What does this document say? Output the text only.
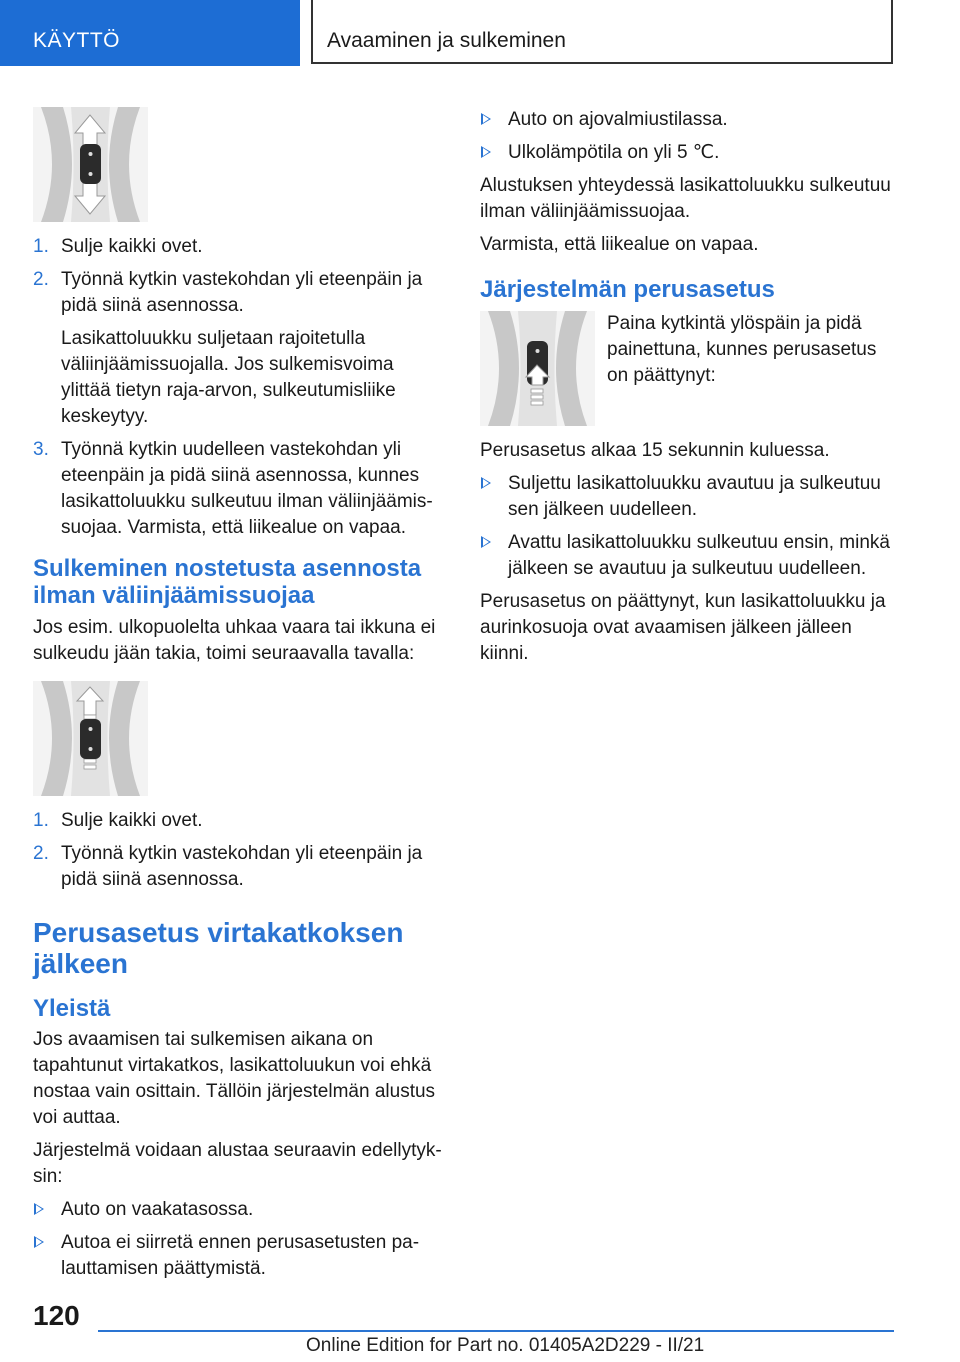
KÄYTTÖ	Avaaminen ja sulkeminen
1. Sulje kaikki ovet.

2. Työnnä kytkin vastekohdan yli eteenpäin ja pidä siinä asennossa.

Lasikattoluukku suljetaan rajoitetulla väliinjäämissuojalla. Jos sulkemisvoima ylittää tietyn raja-arvon, sulkeutumisliike keskeytyy.

3. Työnnä kytkin uudelleen vastekohdan yli eteenpäin ja pidä siinä asennossa, kunnes lasikattoluukku sulkeutuu ilman väliinjäämissuojaa. Varmista, että liikealue on vapaa.

Sulkeminen nostetusta asennosta ilman väliinjäämissuojaa

Jos esim. ulkopuolelta uhkaa vaara tai ikkuna ei sulkeudu jään takia, toimi seuraavalla tavalla:

1. Sulje kaikki ovet.

2. Työnnä kytkin vastekohdan yli eteenpäin ja pidä siinä asennossa.

Perusasetus virtakatkoksen jälkeen
Yleistä

Jos avaamisen tai sulkemisen aikana on tapahtunut virtakatkos, lasikattoluukun voi ehkä nostaa vain osittain. Tällöin järjestelmän alustus voi auttaa.

Järjestelmä voidaan alustaa seuraavin edellytyksin:

Auto on vaakatasossa.

Autoa ei siirretä ennen perusasetusten palauttamisen päättymistä.

Auto on ajovalmiustilassa.

Ulkolämpötila on yli 5 ℃.

Alustuksen yhteydessä lasikattoluukku sulkeutuu ilman väliinjäämissuojaa.

Varmista, että liikealue on vapaa.

Järjestelmän perusasetus

Paina kytkintä ylöspäin ja pidä painettuna, kunnes perusasetus on päättynyt:

Perusasetus alkaa 15 sekunnin kuluessa.

Suljettu lasikattoluukku avautuu ja sulkeutuu sen jälkeen uudelleen.

Avattu lasikattoluukku sulkeutuu ensin, minkä jälkeen se avautuu ja sulkeutuu uudelleen.

Perusasetus on päättynyt, kun lasikattoluukku ja aurinkosuoja ovat avaamisen jälkeen jälleen kiinni.

120
Online Edition for Part no. 01405A2D229 - II/21
